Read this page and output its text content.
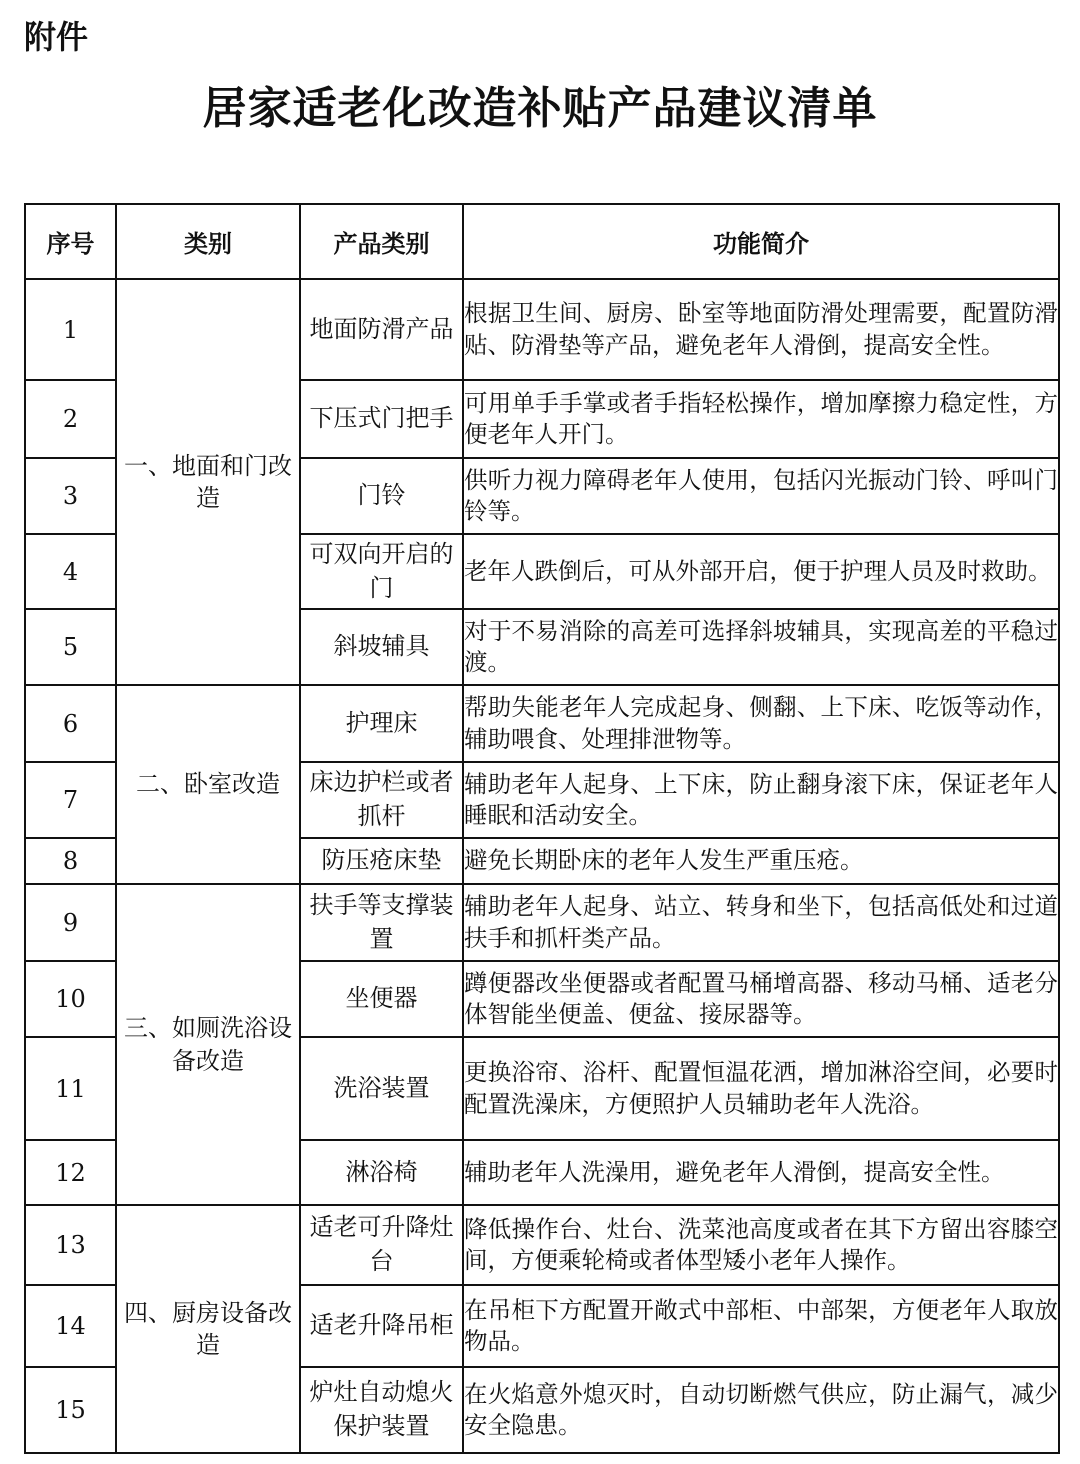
附件
居家适老化改造补贴产品建议清单
序号	类别	产品类别	功能简介
1	一、地面和门改造	地面防滑产品	根据卫生间、厨房、卧室等地面防滑处理需要，配置防滑贴、防滑垫等产品，避免老年人滑倒，提高安全性。
2		下压式门把手	可用单手手掌或者手指轻松操作，增加摩擦力稳定性，方便老年人开门。
3		门铃	供听力视力障碍老年人使用，包括闪光振动门铃、呼叫门铃等。
4		可双向开启的门	老年人跌倒后，可从外部开启，便于护理人员及时救助。
5		斜坡辅具	对于不易消除的高差可选择斜坡辅具，实现高差的平稳过渡。
6	二、卧室改造	护理床	帮助失能老年人完成起身、侧翻、上下床、吃饭等动作，辅助喂食、处理排泄物等。
7		床边护栏或者抓杆	辅助老年人起身、上下床，防止翻身滚下床，保证老年人睡眠和活动安全。
8		防压疮床垫	避免长期卧床的老年人发生严重压疮。
9	三、如厕洗浴设备改造	扶手等支撑装置	辅助老年人起身、站立、转身和坐下，包括高低处和过道扶手和抓杆类产品。
10		坐便器	蹲便器改坐便器或者配置马桶增高器、移动马桶、适老分体智能坐便盖、便盆、接尿器等。
11		洗浴装置	更换浴帘、浴杆、配置恒温花洒，增加淋浴空间，必要时配置洗澡床，方便照护人员辅助老年人洗浴。
12		淋浴椅	辅助老年人洗澡用，避免老年人滑倒，提高安全性。
13	四、厨房设备改造	适老可升降灶台	降低操作台、灶台、洗菜池高度或者在其下方留出容膝空间，方便乘轮椅或者体型矮小老年人操作。
14		适老升降吊柜	在吊柜下方配置开敞式中部柜、中部架，方便老年人取放物品。
15		炉灶自动熄火保护装置	在火焰意外熄灭时，自动切断燃气供应，防止漏气，减少安全隐患。
